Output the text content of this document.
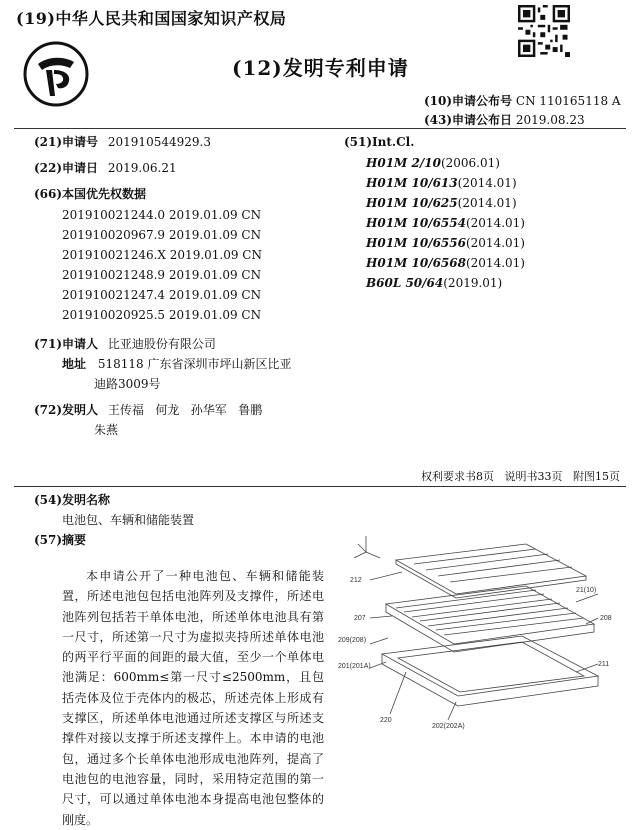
(19)中华人民共和国国家知识产权局
(12)发明专利申请
(10)申请公布号 CN 110165118 A
(43)申请公布日 2019.08.23
(21)申请号 201910544929.3
(22)申请日 2019.06.21
(66)本国优先权数据
201910021244.0 2019.01.09 CN
201910020967.9 2019.01.09 CN
201910021246.X 2019.01.09 CN
201910021248.9 2019.01.09 CN
201910021247.4 2019.01.09 CN
201910020925.5 2019.01.09 CN
(71)申请人 比亚迪股份有限公司
地址 518118 广东省深圳市坪山新区比亚
迪路3009号
(72)发明人 王传福   何龙   孙华军   鲁鹏
朱燕
(51)Int.Cl.
H01M 2/10(2006.01)
H01M 10/613(2014.01)
H01M 10/625(2014.01)
H01M 10/6554(2014.01)
H01M 10/6556(2014.01)
H01M 10/6568(2014.01)
B60L 50/64(2019.01)
权利要求书8页   说明书33页   附图15页
(54)发明名称
电池包、车辆和储能装置
(57)摘要
本申请公开了一种电池包、车辆和储能装置，所述电池包包括电池阵列及支撑件，所述电池阵列包括若干单体电池，所述单体电池具有第一尺寸，所述第一尺寸为虚拟夹持所述单体电池的两平行平面的间距的最大值，至少一个单体电池满足：600mm≤第一尺寸≤2500mm，且包括壳体及位于壳体内的极芯，所述壳体上形成有支撑区，所述单体电池通过所述支撑区与所述支撑件对接以支撑于所述支撑件上。本申请的电池包，通过多个长单体电池形成电池阵列，提高了电池包的电池容量，同时，采用特定范围的第一尺寸，可以通过单体电池本身提高电池包整体的刚度。
212
21(10)
207	208
209(208)
201(201A)	211
220
202(202A)
